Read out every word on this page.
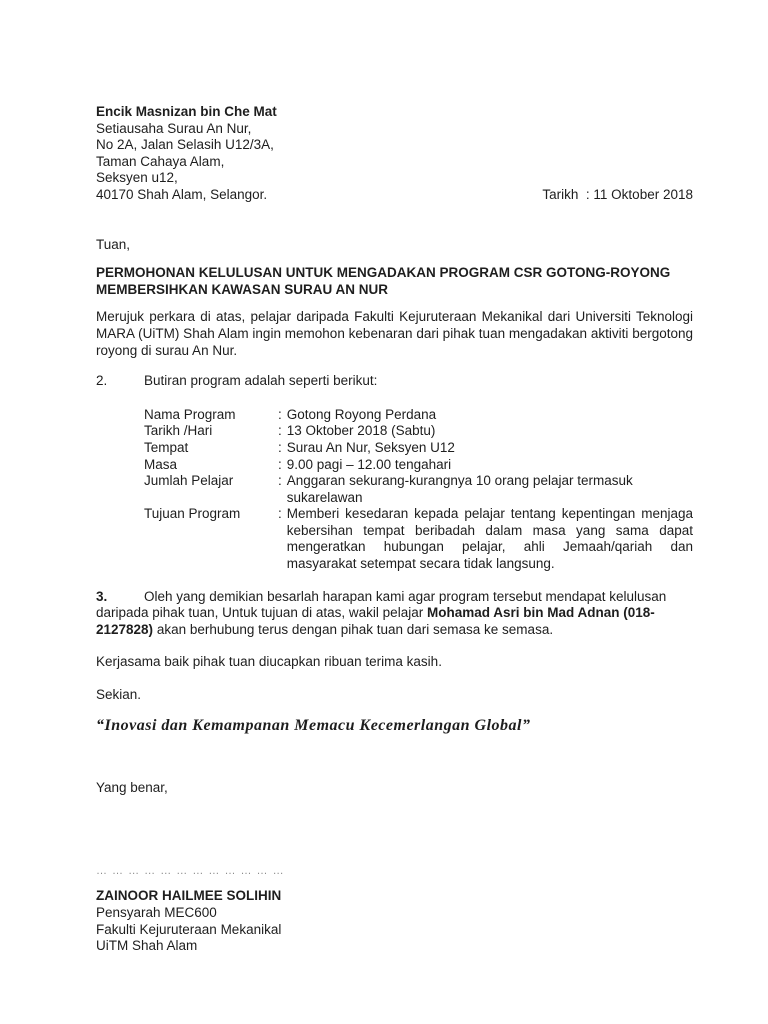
Encik Masnizan bin Che Mat
Setiausaha Surau An Nur,
No 2A, Jalan Selasih U12/3A,
Taman Cahaya Alam,
Seksyen u12,
40170 Shah Alam, Selangor.	Tarikh  : 11 Oktober 2018
Tuan,
PERMOHONAN KELULUSAN UNTUK MENGADAKAN PROGRAM CSR GOTONG-ROYONG MEMBERSIHKAN KAWASAN SURAU AN NUR

Merujuk perkara di atas, pelajar daripada Fakulti Kejuruteraan Mekanikal dari Universiti Teknologi MARA (UiTM) Shah Alam ingin memohon kebenaran dari pihak tuan mengadakan aktiviti bergotong royong di surau An Nur.

2.	Butiran program adalah seperti berikut:
Nama Program	: Gotong Royong Perdana
Tarikh /Hari	: 13 Oktober 2018 (Sabtu)
Tempat	: Surau An Nur, Seksyen U12
Masa	: 9.00 pagi – 12.00 tengahari
Jumlah Pelajar	: Anggaran sekurang-kurangnya 10 orang pelajar termasuk sukarelawan
Tujuan Program	: Memberi kesedaran kepada pelajar tentang kepentingan menjaga kebersihan tempat beribadah dalam masa yang sama dapat mengeratkan hubungan pelajar, ahli Jemaah/qariah dan masyarakat setempat secara tidak langsung.

3.	Oleh yang demikian besarlah harapan kami agar program tersebut mendapat kelulusan daripada pihak tuan, Untuk tujuan di atas, wakil pelajar Mohamad Asri bin Mad Adnan (018-2127828) akan berhubung terus dengan pihak tuan dari semasa ke semasa.

Kerjasama baik pihak tuan diucapkan ribuan terima kasih.
Sekian.
“Inovasi dan Kemampanan Memacu Kecemerlangan Global”
Yang benar,
… … … … … … … … … … … …
ZAINOOR HAILMEE SOLIHIN
Pensyarah MEC600
Fakulti Kejuruteraan Mekanikal
UiTM Shah Alam
